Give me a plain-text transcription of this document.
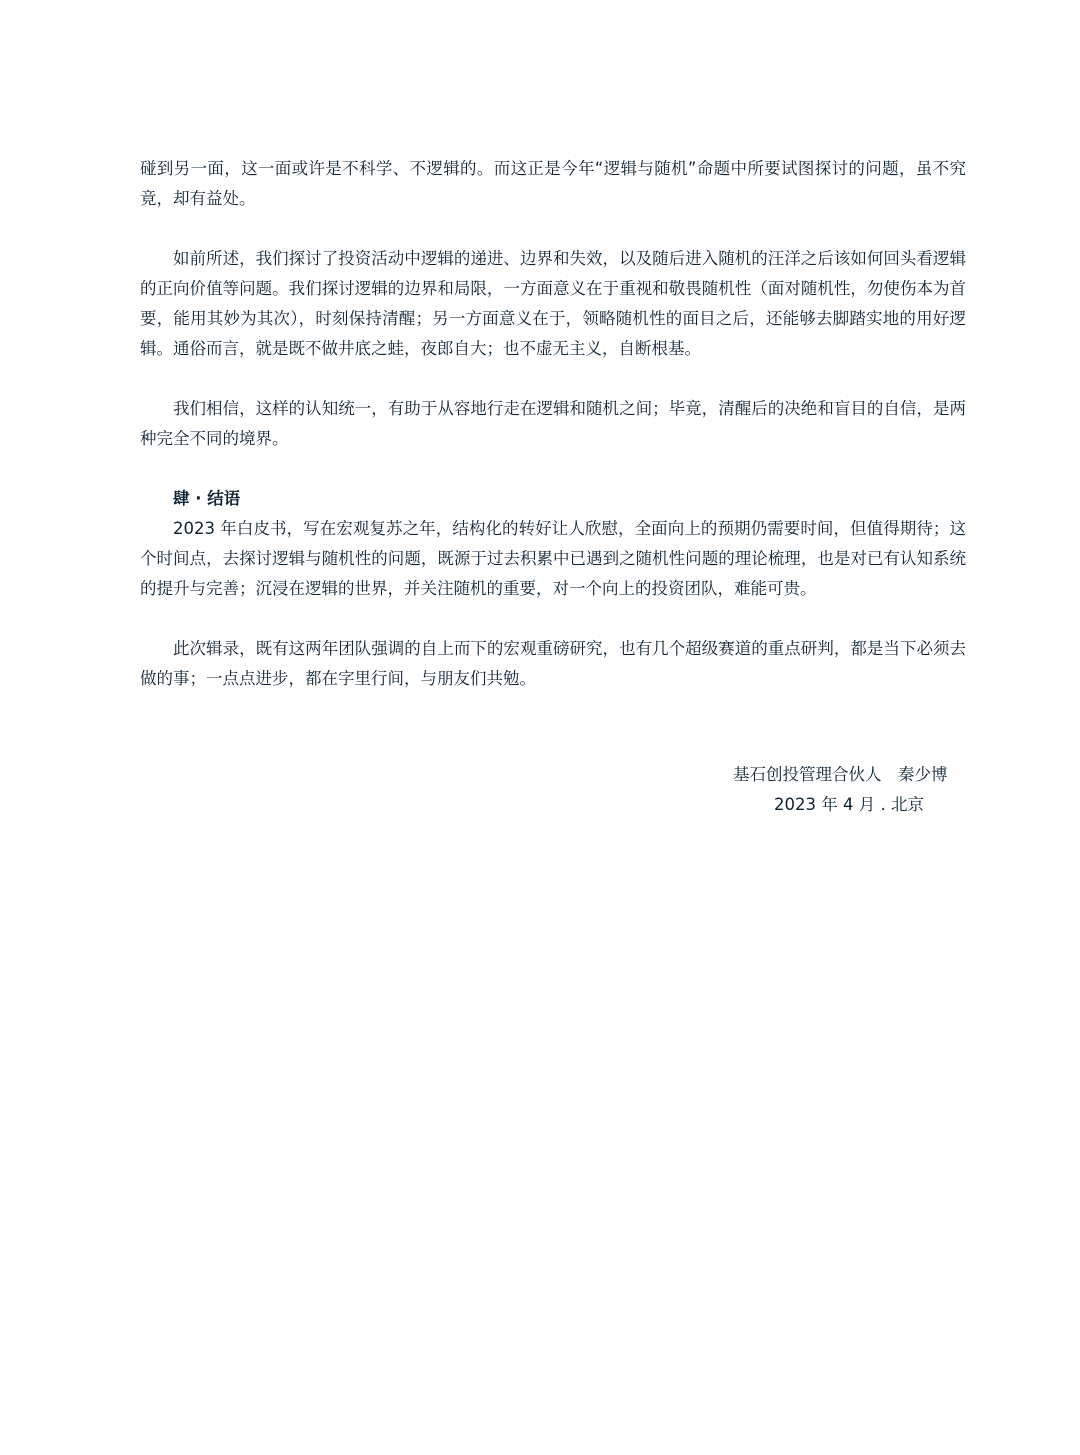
碰到另一面，这一面或许是不科学、不逻辑的。而这正是今年“逻辑与随机”命题中所要试图探讨的问题，虽不究竟，却有益处。

如前所述，我们探讨了投资活动中逻辑的递进、边界和失效，以及随后进入随机的汪洋之后该如何回头看逻辑的正向价值等问题。我们探讨逻辑的边界和局限，一方面意义在于重视和敬畏随机性（面对随机性，勿使伤本为首要，能用其妙为其次），时刻保持清醒；另一方面意义在于，领略随机性的面目之后，还能够去脚踏实地的用好逻辑。通俗而言，就是既不做井底之蛙，夜郎自大；也不虚无主义，自断根基。

我们相信，这样的认知统一，有助于从容地行走在逻辑和随机之间；毕竟，清醒后的决绝和盲目的自信，是两种完全不同的境界。

肆 · 结语

2023 年白皮书，写在宏观复苏之年，结构化的转好让人欣慰，全面向上的预期仍需要时间，但值得期待；这个时间点，去探讨逻辑与随机性的问题，既源于过去积累中已遇到之随机性问题的理论梳理，也是对已有认知系统的提升与完善；沉浸在逻辑的世界，并关注随机的重要，对一个向上的投资团队，难能可贵。

此次辑录，既有这两年团队强调的自上而下的宏观重磅研究，也有几个超级赛道的重点研判，都是当下必须去做的事；一点点进步，都在字里行间，与朋友们共勉。

基石创投管理合伙人　秦少博

2023 年 4 月 . 北京
